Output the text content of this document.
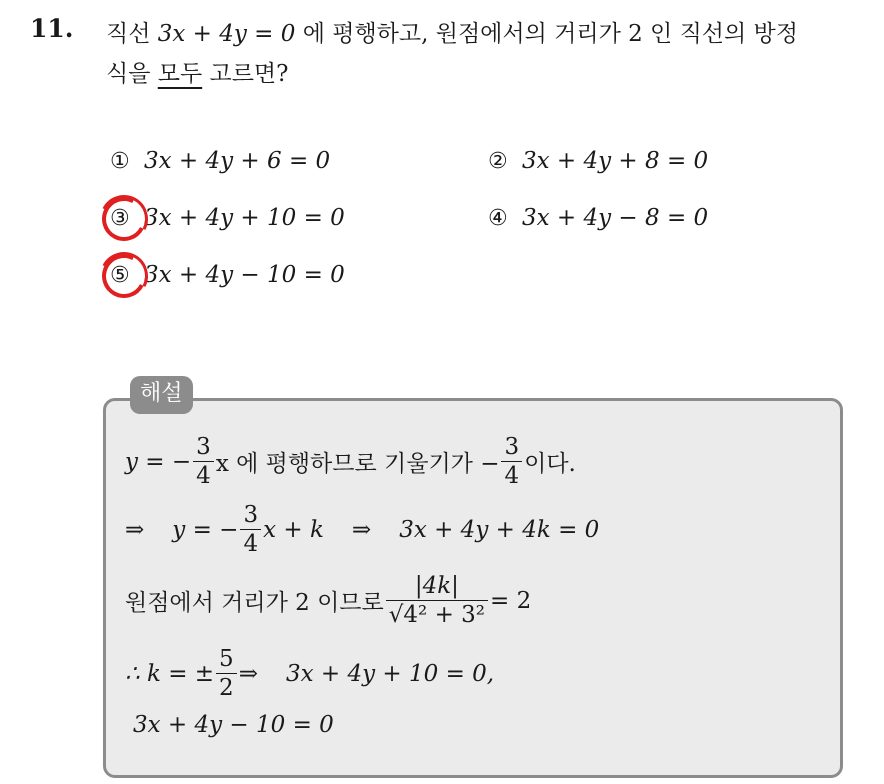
11. 직선 3x + 4y = 0 에 평행하고, 원점에서의 거리가 2 인 직선의 방정
식을 모두 고르면?
① 3x + 4y + 6 = 0	② 3x + 4y + 8 = 0
③ 3x + 4y + 10 = 0	④ 3x + 4y − 8 = 0
⑤ 3x + 4y − 10 = 0
해설
y = − $\frac{3}{4}$ x 에 평행하므로 기울기가 − $\frac{3}{4}$ 이다.
⇒ y = − $\frac{3}{4}$ x + k ⇒ 3x + 4y + 4k = 0
원점에서 거리가 2 이므로 $\frac{|4k|}{\text{√4² + 3²}} = 2$
∴ k = ± $\frac{5}{2}$ ⇒ 3x + 4y + 10 = 0,
3x + 4y − 10 = 0
